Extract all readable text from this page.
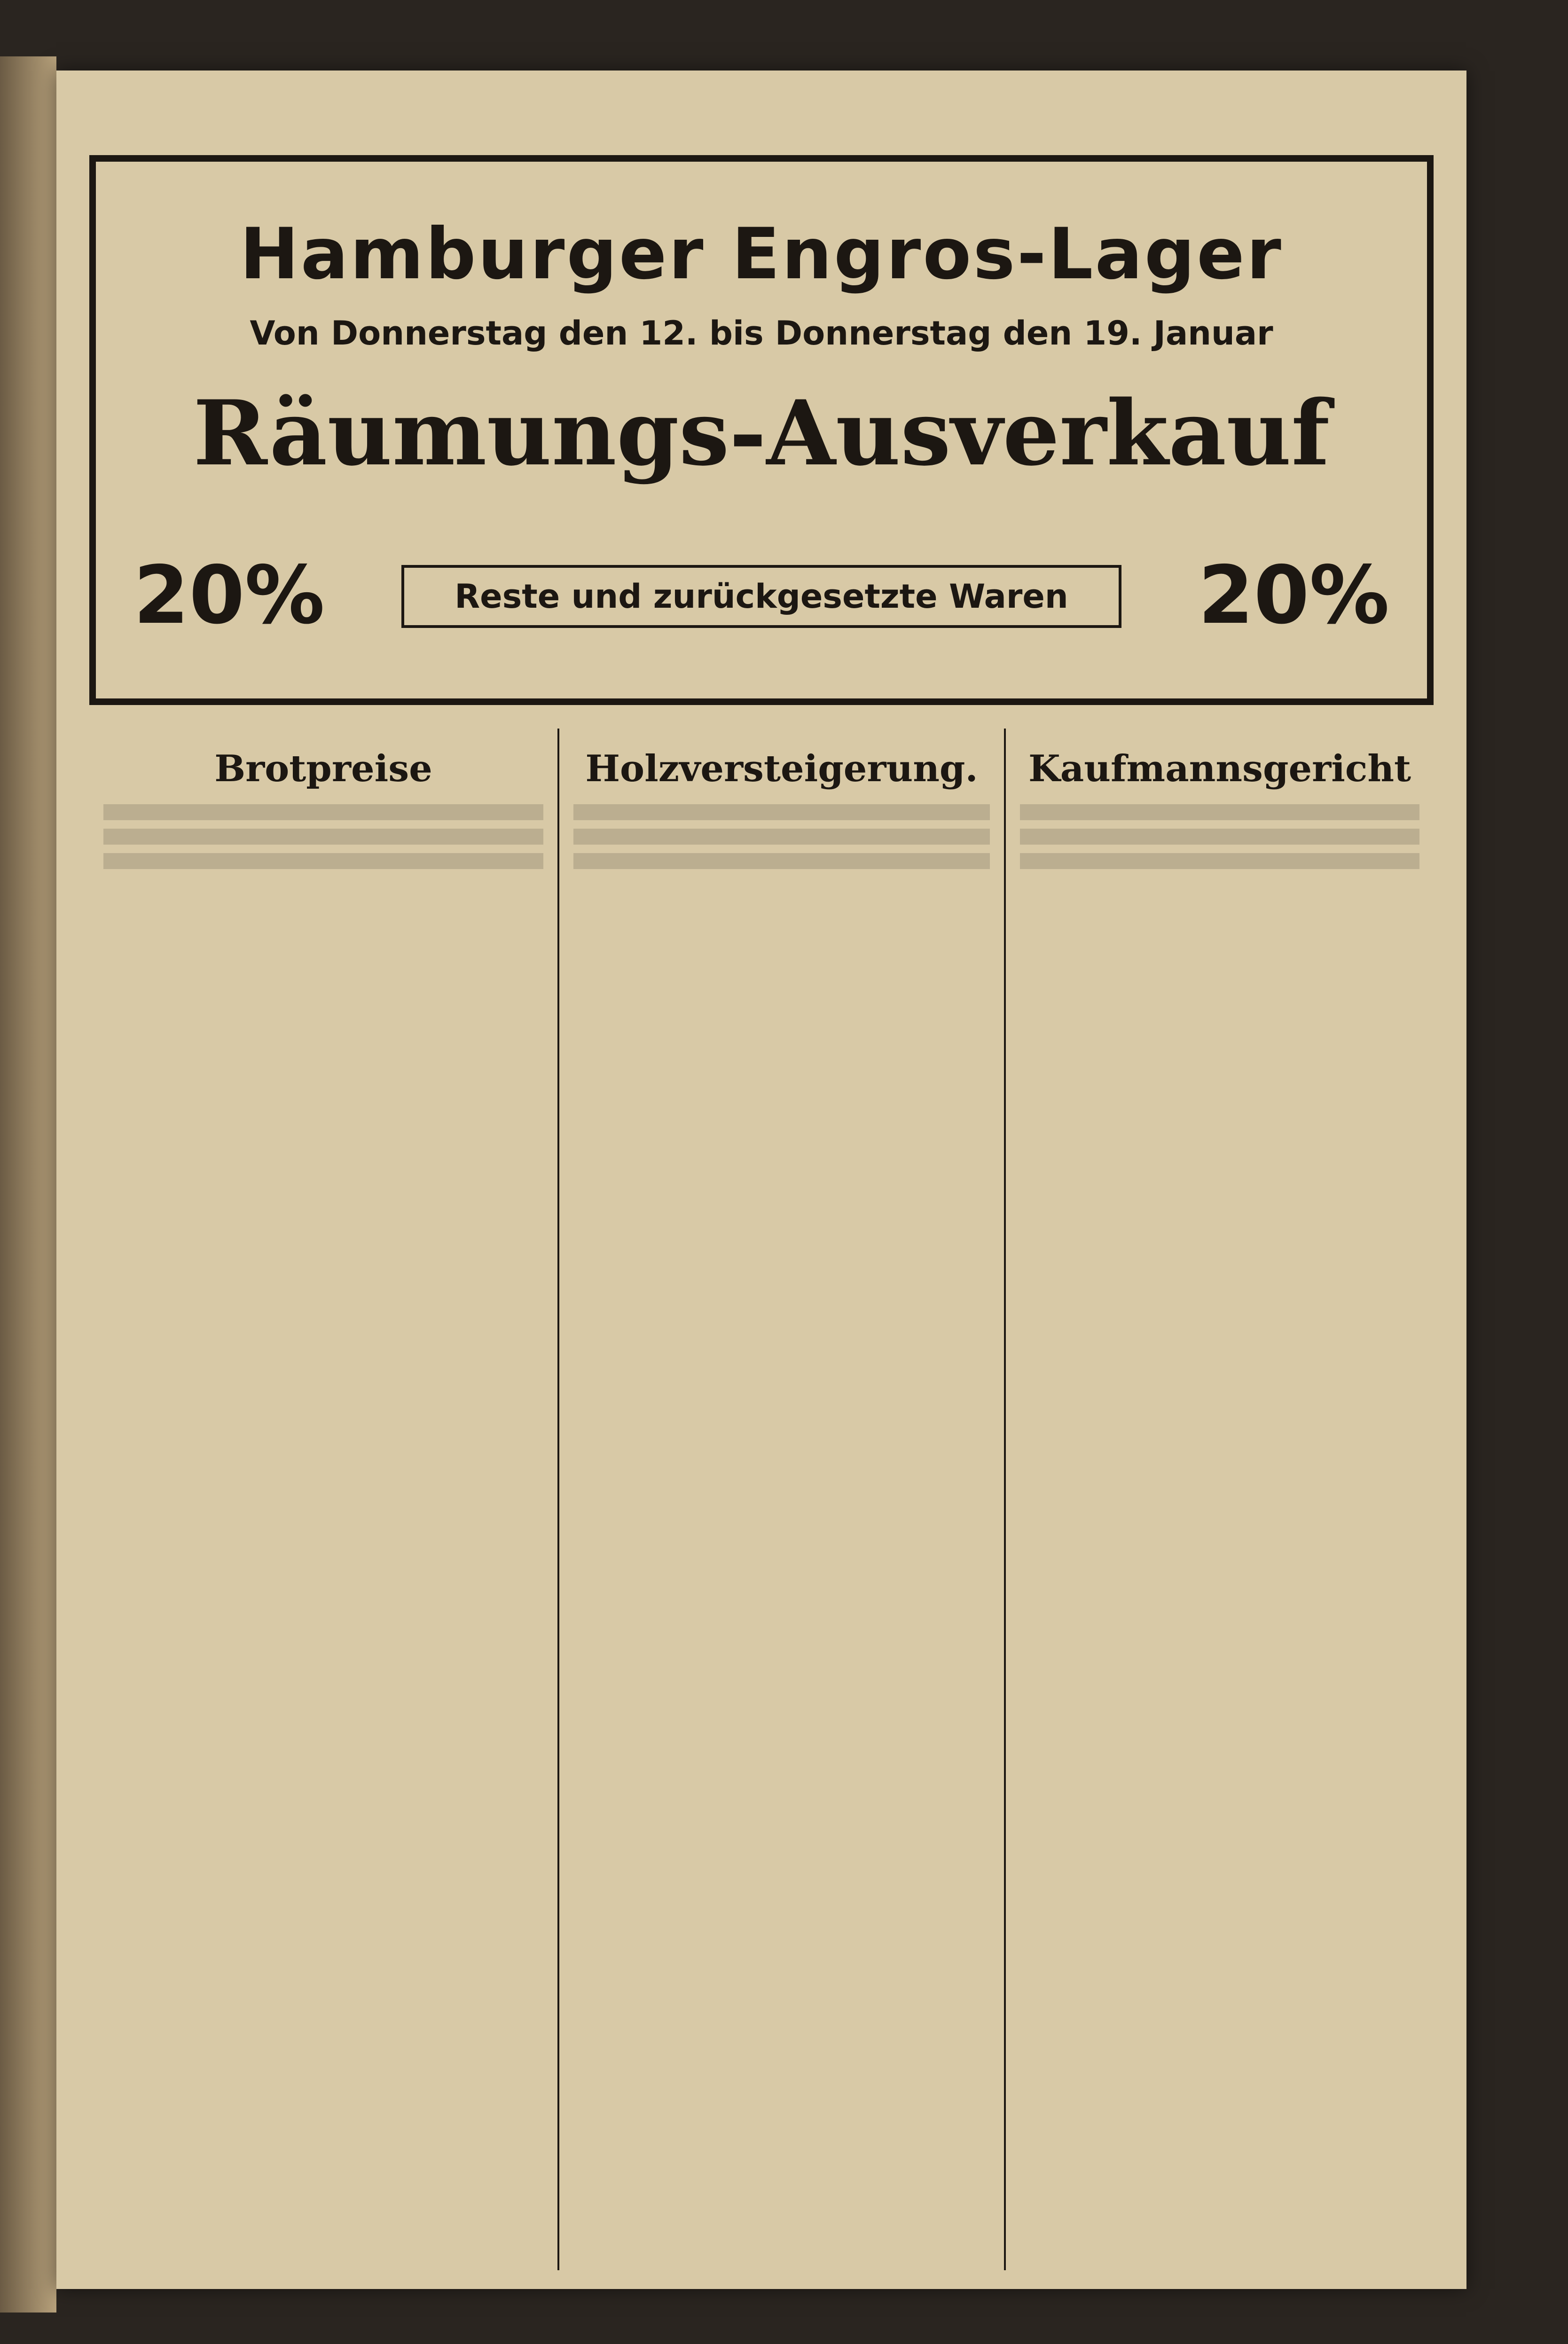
Hamburger Engros-Lager
Von Donnerstag den 12. bis Donnerstag den 19. Januar
Räumungs-Ausverkauf
20%	Reste und zurückgesetzte Waren	20%
Brotpreise	Holzversteigerung.	Kaufmannsgericht
